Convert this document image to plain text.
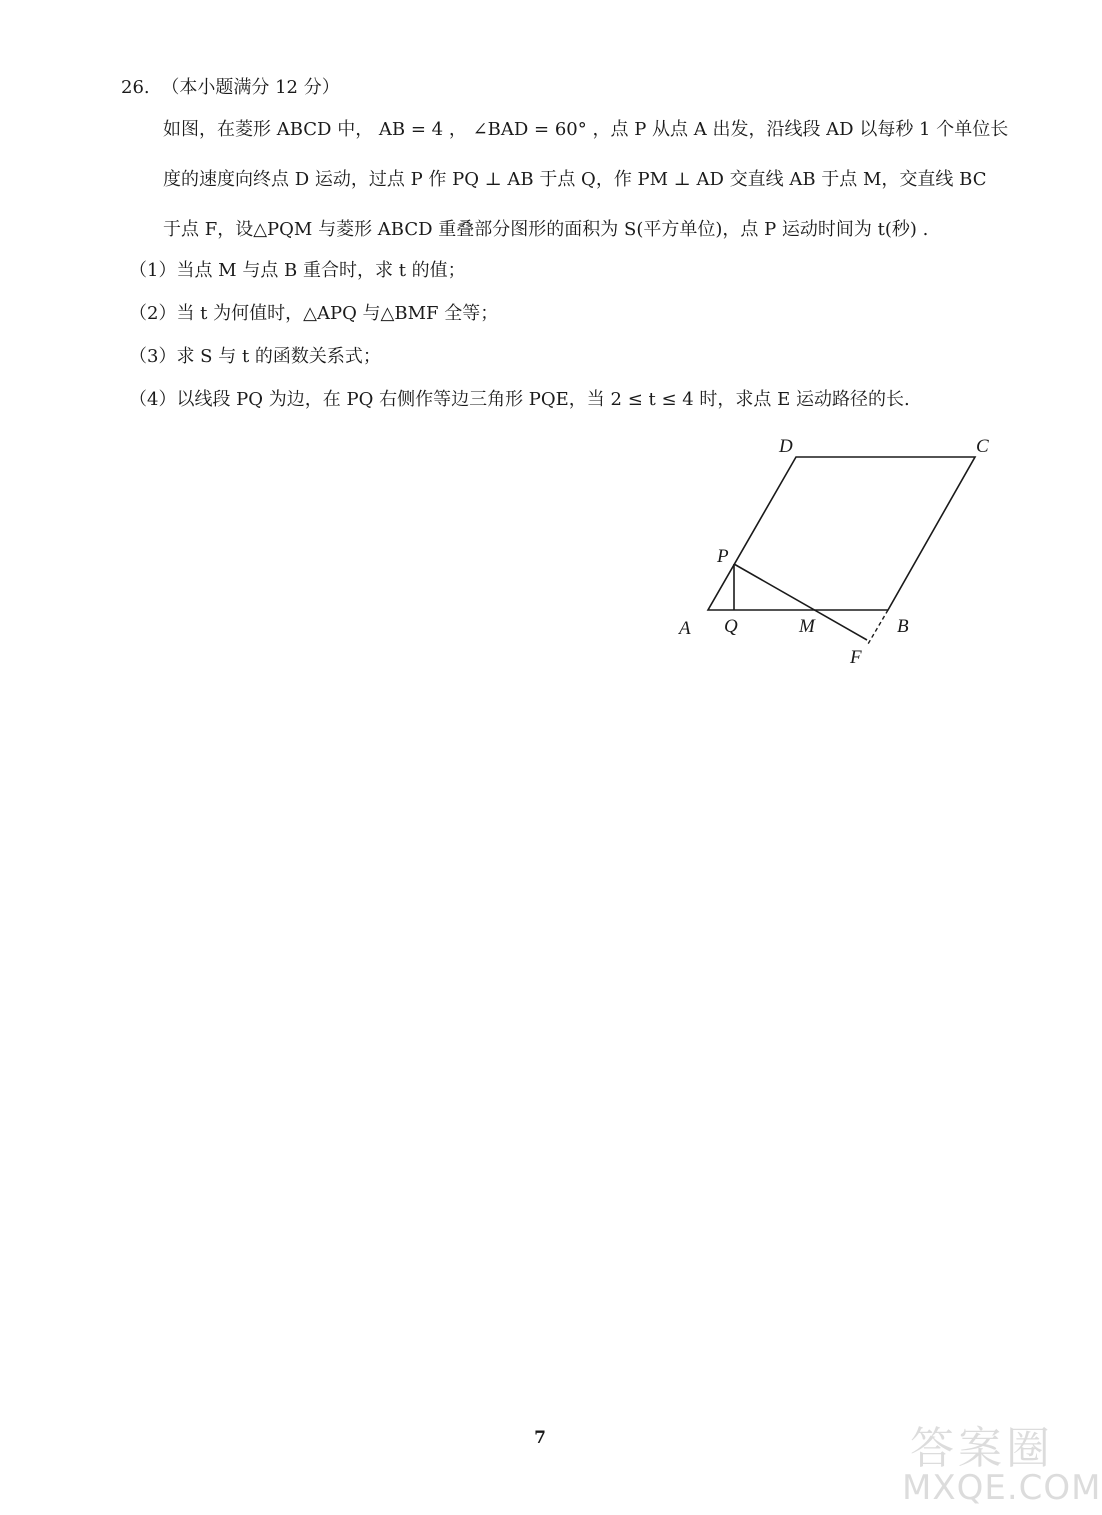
26. （本小题满分 12 分）
如图，在菱形 ABCD 中， AB = 4 ， ∠BAD = 60° ，点 P 从点 A 出发，沿线段 AD 以每秒 1 个单位长
度的速度向终点 D 运动，过点 P 作 PQ ⊥ AB 于点 Q，作 PM ⊥ AD 交直线 AB 于点 M，交直线 BC
于点 F，设△PQM 与菱形 ABCD 重叠部分图形的面积为 S(平方单位)，点 P 运动时间为 t(秒) .
（1）当点 M 与点 B 重合时，求 t 的值；
（2）当 t 为何值时，△APQ 与△BMF 全等；
（3）求 S 与 t 的函数关系式；
（4）以线段 PQ 为边，在 PQ 右侧作等边三角形 PQE，当 2 ≤ t ≤ 4 时，求点 E 运动路径的长.
D	C
P
A Q	M	B
F
7	答案圈
MXQE.COM
